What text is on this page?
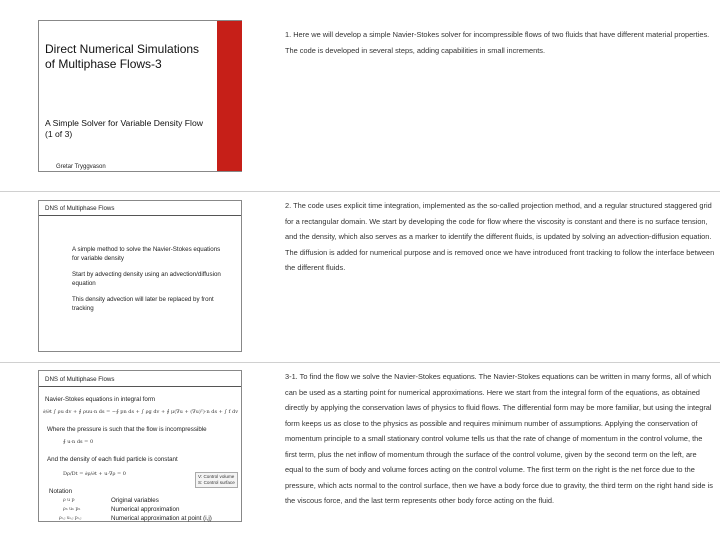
Direct Numerical Simulations of Multiphase Flows-3
A Simple Solver for Variable Density Flow (1 of 3)
Gretar Tryggvason
DNS of Multiphase Flows

A simple method to solve the Navier-Stokes equations for variable density

Start by advecting density using an advection/diffusion equation

This density advection will later be replaced by front tracking

DNS of Multiphase Flows
Navier-Stokes equations in integral form
∂/∂t ∫ ρu dv + ∮ ρuu·n ds = −∮ pn ds + ∫ ρg dv + ∮ μ(∇u + (∇u)ᵀ)·n ds + ∫ f dv
Where the pressure is such that the flow is incompressible
∮ u·n ds = 0
And the density of each fluid particle is constant
Dρ/Dt = ∂ρ/∂t + u·∇ρ = 0	V: Control volume
S: Control surface
Notation
ρ u p	Original variables
ρₕ uₕ pₕ	Numerical approximation
ρᵢ,ⱼ uᵢ,ⱼ pᵢ,ⱼ	Numerical approximation at point (i,j)

1. Here we will develop a simple Navier-Stokes solver for incompressible flows of two fluids that have different material properties. The code is developed in several steps, adding capabilities in small increments.

2. The code uses explicit time integration, implemented as the so-called projection method, and a regular structured staggered grid for a rectangular domain. We start by developing the code for flow where the viscosity is constant and there is no surface tension, and the density, which also serves as a marker to identify the different fluids, is updated by solving an advection-diffusion equation. The diffusion is added for numerical purpose and is removed once we have introduced front tracking to follow the interface between the different fluids.

3-1. To find the flow we solve the Navier-Stokes equations. The Navier-Stokes equations can be written in many forms, all of which can be used as a starting point for numerical approximations. Here we start from the integral form of the equations, as obtained directly by applying the conservation laws of physics to fluid flows. The differential form may be more familiar, but using the integral form keeps us as close to the physics as possible and requires minimum number of assumptions. Applying the conservation of momentum principle to a small stationary control volume tells us that the rate of change of momentum in the control volume, the first term, plus the net inflow of momentum through the surface of the control volume, given by the second term on the left, are equal to the sum of body and volume forces acting on the control volume. The first term on the right is the net force due to the pressure, which acts normal to the control surface, then we have a body force due to gravity, the third term on the right hand side is the viscous force, and the last term represents other body force acting on the fluid.
